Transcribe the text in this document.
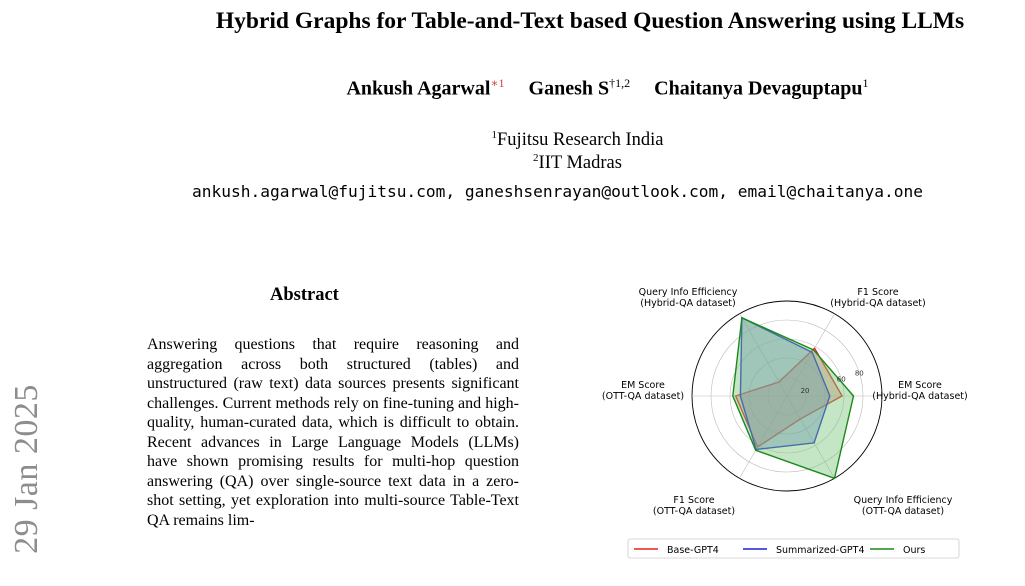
Hybrid Graphs for Table-and-Text based Question Answering using LLMs
Ankush Agarwal$^{∗1}$ Ganesh S$^{\dagger 1,2}$ Chaitanya Devaguptapu$^1$
$^1$Fujitsu Research India
$^2$IIT Madras
ankush.agarwal@fujitsu.com, ganeshsenrayan@outlook.com, email@chaitanya.one
29 Jan 2025
Abstract

Answering questions that require reasoning and aggregation across both structured (tables) and unstructured (raw text) data sources presents significant challenges. Current methods rely on fine-tuning and high-quality, human-curated data, which is difficult to obtain. Recent advances in Large Language Models (LLMs) have shown promising results for multi-hop question answering (QA) over single-source text data in a zero-shot setting, yet exploration into multi-source Table-Text QA remains lim-

20
60
80
F1 Score (Hybrid-QA dataset)
EM Score (Hybrid-QA dataset)
Query Info Efficiency (OTT-QA dataset)
F1 Score (OTT-QA dataset)
EM Score (OTT-QA dataset)
Query Info Efficiency (Hybrid-QA dataset)
Base-GPT4	Summarized-GPT4	Ours
